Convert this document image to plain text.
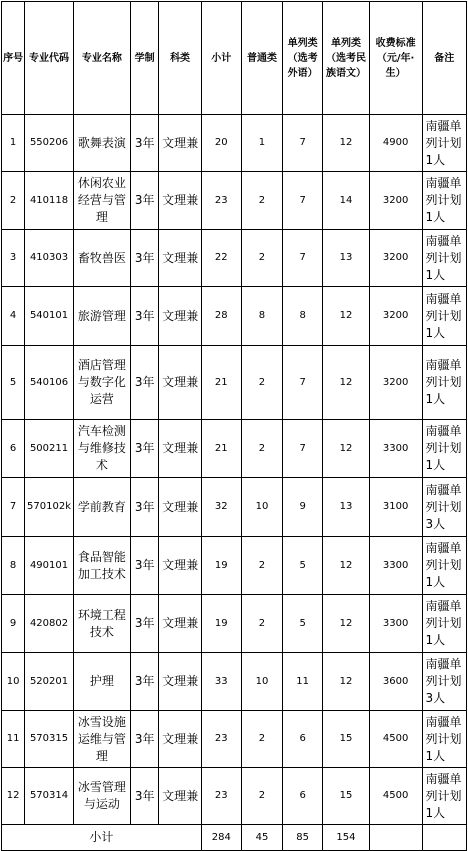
序号	专业代码	专业名称	学制	科类	小计	普通类	单列类（选考外语）	单列类（选考民族语文）	收费标准（元/年·生）	备注
1	550206	歌舞表演	3年	文理兼	20	1	7	12	4900	南疆单列计划1人
2	410118	休闲农业经营与管理	3年	文理兼	23	2	7	14	3200	南疆单列计划1人
3	410303	畜牧兽医	3年	文理兼	22	2	7	13	3200	南疆单列计划1人
4	540101	旅游管理	3年	文理兼	28	8	8	12	3200	南疆单列计划1人
5	540106	酒店管理与数字化运营	3年	文理兼	21	2	7	12	3200	南疆单列计划1人
6	500211	汽车检测与维修技术	3年	文理兼	21	2	7	12	3300	南疆单列计划1人
7	570102k	学前教育	3年	文理兼	32	10	9	13	3100	南疆单列计划3人
8	490101	食品智能加工技术	3年	文理兼	19	2	5	12	3300	南疆单列计划1人
9	420802	环境工程技术	3年	文理兼	19	2	5	12	3300	南疆单列计划1人
10	520201	护理	3年	文理兼	33	10	11	12	3600	南疆单列计划3人
11	570315	冰雪设施运维与管理	3年	文理兼	23	2	6	15	4500	南疆单列计划1人
12	570314	冰雪管理与运动	3年	文理兼	23	2	6	15	4500	南疆单列计划1人
小计					284	45	85	154		
